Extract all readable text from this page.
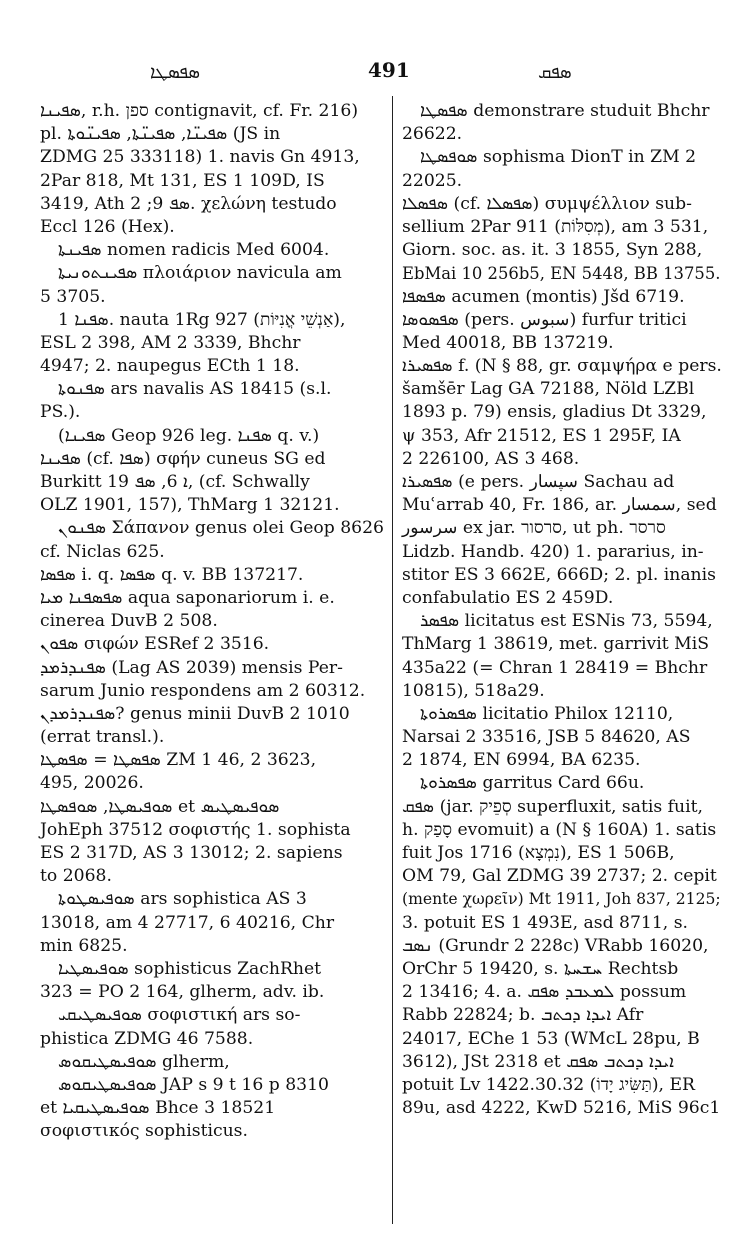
ܣܦܣܛܐ	491	ܣܦܩ
ܣܦܝܢܐ, r.h. ספן contignavit, cf. Fr. 216)
pl. ܣܦܝܢ̈ܐ, ܣܦܝܢ̈ܬܐ, ܣܦܝܢ̈ܘܬܐ (JS in
ZDMG 25 333118) 1. navis Gn 4913,
2Par 818, Mt 131, ES 1 109D, IS
3419, Ath ܣܦ 9; 2. χελώνη testudo
Eccl 126 (Hex).
ܣܦܝܢܬܐ nomen radicis Med 6004.
ܣܦܝܢܬܘܢܝܬܐ πλοιάριον navicula am
5 3705.
ܣܦܢܐ 1. nauta 1Rg 927 (אַנְשֵׁי אֳנִיּוֹת),
ESL 2 398, AM 2 3339, Bhchr
4947; 2. naupegus ECth 1 18.
ܣܦܢܘܬܐ ars navalis AS 18415 (s.l.
PS.).
(ܣܦܝܢܐ Geop 926 leg. ܣܦܢܐ q. v.)
ܣܦܝܢܐ (cf. ܣܦܐ) σφήν cuneus SG ed
Burkitt ܐ 6, ܣܦ 19, (cf. Schwally
OLZ 1901, 157), ThMarg 1 32121.
ܣܦܢܘܢ Σάπανον genus olei Geop 8626
cf. Niclas 625.
ܣܦܣܐ i. q. ܣܦܣܐ q. v. BB 137217.
ܣܦܣܦܢܐ ܡܝܐ aqua saponariorum i. e.
cinerea DuvB 2 508.
ܣܦܘܢ σιφών ESRef 2 3516.
ܣܦܢܕܪܡܕ (Lag AS 2039) mensis Per-
sarum Junio respondens am 2 60312.
ܣܦܢܕܪܡܕܢ? genus minii DuvB 2 1010
(errat transl.).
ܣܦܣܛܐ = ܣܦܣܛܐ ZM 1 46, 2 3623,
495, 20026.
ܣܘܦܝܣܛܐ, ܣܘܦܣܛܐ et ܣܘܦܝܣܛܝܣ
JohEph 37512 σοφιστής 1. sophista
ES 2 317D, AS 3 13012; 2. sapiens
to 2068.
ܣܘܦܝܣܛܘܬܐ ars sophistica AS 3
13018, am 4 27717, 6 40216, Chr
min 6825.
ܣܘܦܝܣܛܝܐ sophisticus ZachRhet
323 = PO 2 164, glherm, adv. ib.
ܣܘܦܝܣܛܝܩܝ σοφιστική ars so-
phistica ZDMG 46 7588.
ܣܘܦܝܣܛܝܩܘܣ glherm,
ܣܘܦܝܣܛܝܩܘܣ JAP s 9 t 16 p 8310
et ܣܘܦܝܣܛܝܩܝܐ Bhce 3 18521
σοφιστικός sophisticus.
ܣܦܣܛܐ demonstrare studuit Bhchr
26622.
ܣܘܦܣܛܐ sophisma DionT in ZM 2
22025.
ܣܦܣܠܐ (cf. ܣܦܣܠܐ) συμψέλλιον sub-
sellium 2Par 911 (מְסִלּוֹת), am 3 531,
Giorn. soc. as. it. 3 1855, Syn 288,
EbMai 10 256b5, EN 5448, BB 13755.
ܣܦܣܦܐ acumen (montis) Jšd 6719.
ܣܦܣܘܣܐ (pers. سبوس) furfur tritici
Med 40018, BB 137219.
ܣܦܣܝܪܐ f. (N § 88, gr. σαμψήρα e pers.
šamšēr Lag GA 72188, Nöld LZBl
1893 p. 79) ensis, gladius Dt 3329,
ψ 353, Afr 21512, ES 1 295F, IA
2 226100, AS 3 468.
ܣܦܣܝܪܐ (e pers. سپسار Sachau ad
Muʿarrab 40, Fr. 186, ar. سمسار, sed
سرسور ex jar. סרסור, ut ph. סרסר
Lidzb. Handb. 420) 1. pararius, in-
stitor ES 3 662E, 666D; 2. pl. inanis
confabulatio ES 2 459D.
ܣܦܣܪ licitatus est ESNis 73, 5594,
ThMarg 1 38619, met. garrivit MiS
435a22 (= Chran 1 28419 = Bhchr
10815), 518a29.
ܣܦܣܪܘܬܐ licitatio Philox 12110,
Narsai 2 33516, JSB 5 84620, AS
2 1874, EN 6994, BA 6235.
ܣܦܣܪܘܬܐ garritus Card 66u.
ܣܦܩ (jar. סְפֵיק superfluxit, satis fuit,
h. סָפַק evomuit) a (N § 160A) 1. satis
fuit Jos 1716 (נִמְצָא), ES 1 506B,
OM 79, Gal ZDMG 39 2737; 2. cepit
(mente χωρεῖν) Mt 1911, Joh 837, 2125;
3. potuit ES 1 493E, asd 8711, s.
ܢܣܒ (Grundr 2 228c) VRabb 16020,
OrChr 5 19420, s. ܚܫܚܬܐ Rechtsb
2 13416; 4. a. ܠܡܥܒܕ ܣܦܩ possum
Rabb 22824; b. ܐܝܕܐ ܕܟܬܒ Afr
24017, EChe 1 53 (WMcL 28pu, B
3612), JSt 2318 et ܐܝܕܐ ܕܟܬܒ ܣܦܩ
potuit Lv 1422.30.32 (תַּשִּׂיג יָדוֹ), ER
89u, asd 4222, KwD 5216, MiS 96c1
